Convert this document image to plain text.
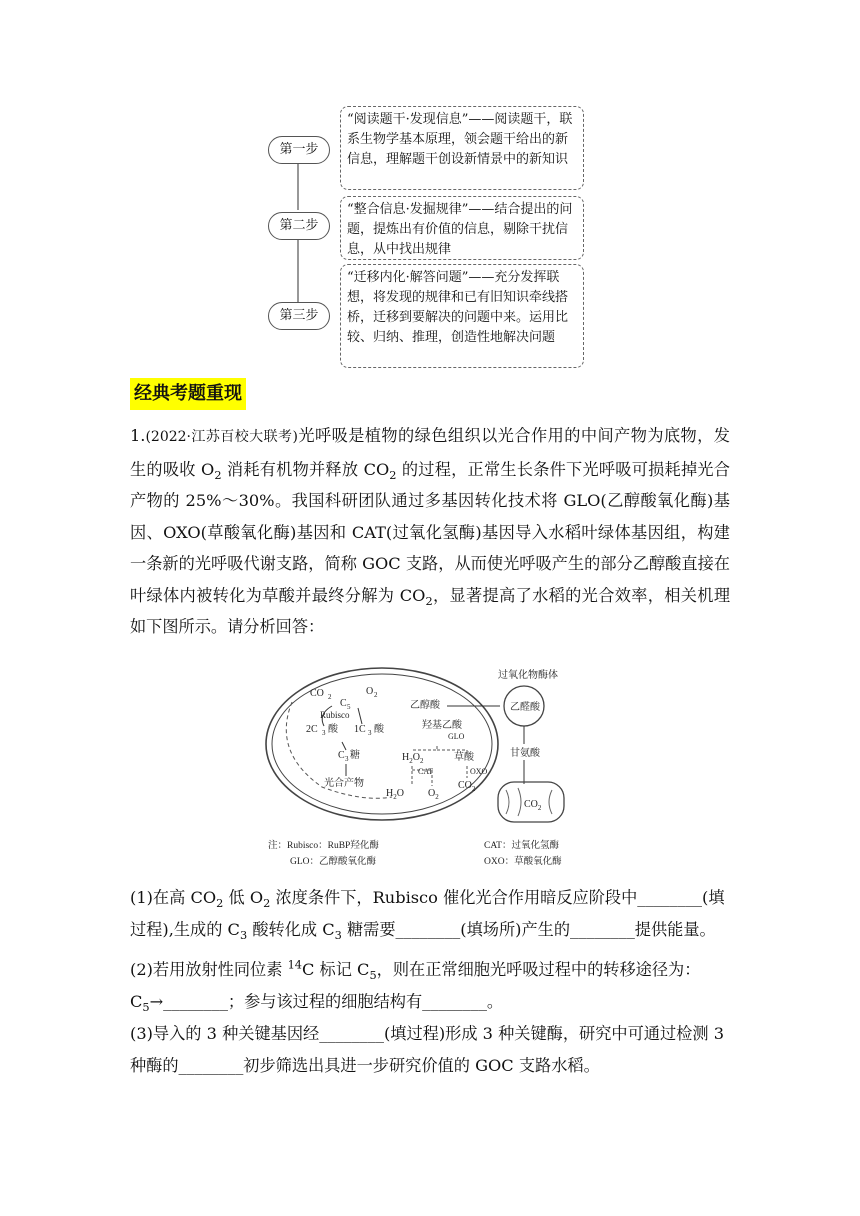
第一步
第二步
第三步
“阅读题干·发现信息”——阅读题干，联系生物学基本原理，领会题干给出的新信息，理解题干创设新情景中的新知识
“整合信息·发掘规律”——结合提出的问题，提炼出有价值的信息，剔除干扰信息，从中找出规律
“迁移内化·解答问题”——充分发挥联想，将发现的规律和已有旧知识牵线搭桥，迁移到要解决的问题中来。运用比较、归纳、推理，创造性地解决问题
经典考题重现

1.(2022·江苏百校大联考)光呼吸是植物的绿色组织以光合作用的中间产物为底物，发生的吸收 $O_2$ 消耗有机物并释放 $CO_2$ 的过程，正常生长条件下光呼吸可损耗掉光合产物的 25%～30%。我国科研团队通过多基因转化技术将 GLO(乙醇酸氧化酶)基因、OXO(草酸氧化酶)基因和 CAT(过氧化氢酶)基因导入水稻叶绿体基因组，构建一条新的光呼吸代谢支路，简称 GOC 支路，从而使光呼吸产生的部分乙醇酸直接在叶绿体内被转化为草酸并最终分解为 $CO_2$，显著提高了水稻的光合效率，相关机理如下图所示。请分析回答：

CO 2
C 5
O 2
Rubisco
2C 3 酸 1C 3 酸
C 3 糖
光合产物
乙醇酸
羟基乙酸
GLO
$H_2O_2$
CAT
草酸
OXO
$H_2O$ $O_2$
$CO_2$
过氧化物酶体
乙醛酸
甘氨酸
$CO_2$
注：Rubisco：RuBP羟化酶	CAT：过氧化氢酶
GLO：乙醇酸氧化酶	OXO：草酸氧化酶

(1)在高 $CO_2$ 低 $O_2$ 浓度条件下，Rubisco 催化光合作用暗反应阶段中________(填过程),生成的 $C_3$ 酸转化成 $C_3$ 糖需要________(填场所)产生的________提供能量。

(2)若用放射性同位素 $^{14}$C 标记 $C_5$，则在正常细胞光呼吸过程中的转移途径为：

$C_5\to\_\_\_\_\_\_\_\_$；参与该过程的细胞结构有________。

(3)导入的 3 种关键基因经________(填过程)形成 3 种关键酶，研究中可通过检测 3 种酶的________初步筛选出具进一步研究价值的 GOC 支路水稻。
